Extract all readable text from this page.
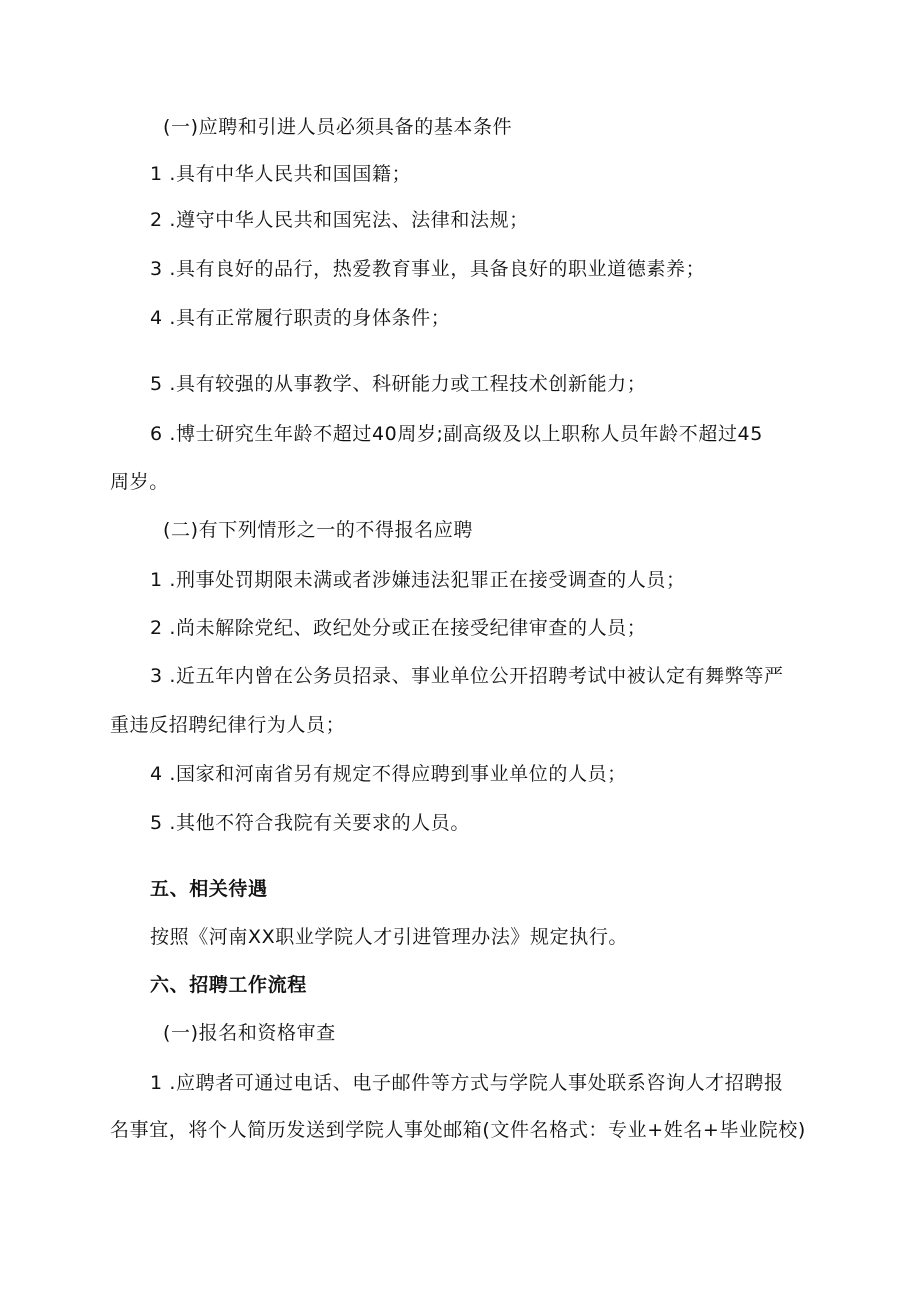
(一)应聘和引进人员必须具备的基本条件
1 .具有中华人民共和国国籍；
2 .遵守中华人民共和国宪法、法律和法规；
3 .具有良好的品行，热爱教育事业，具备良好的职业道德素养；
4 .具有正常履行职责的身体条件；
5 .具有较强的从事教学、科研能力或工程技术创新能力；
6 .博士研究生年龄不超过40周岁;副高级及以上职称人员年龄不超过45
周岁。
(二)有下列情形之一的不得报名应聘
1 .刑事处罚期限未满或者涉嫌违法犯罪正在接受调查的人员；
2 .尚未解除党纪、政纪处分或正在接受纪律审查的人员；
3 .近五年内曾在公务员招录、事业单位公开招聘考试中被认定有舞弊等严
重违反招聘纪律行为人员；
4 .国家和河南省另有规定不得应聘到事业单位的人员；
5 .其他不符合我院有关要求的人员。
五、相关待遇
按照《河南XX职业学院人才引进管理办法》规定执行。
六、招聘工作流程
(一)报名和资格审查
1 .应聘者可通过电话、电子邮件等方式与学院人事处联系咨询人才招聘报
名事宜，将个人简历发送到学院人事处邮箱(文件名格式：专业+姓名+毕业院校)
